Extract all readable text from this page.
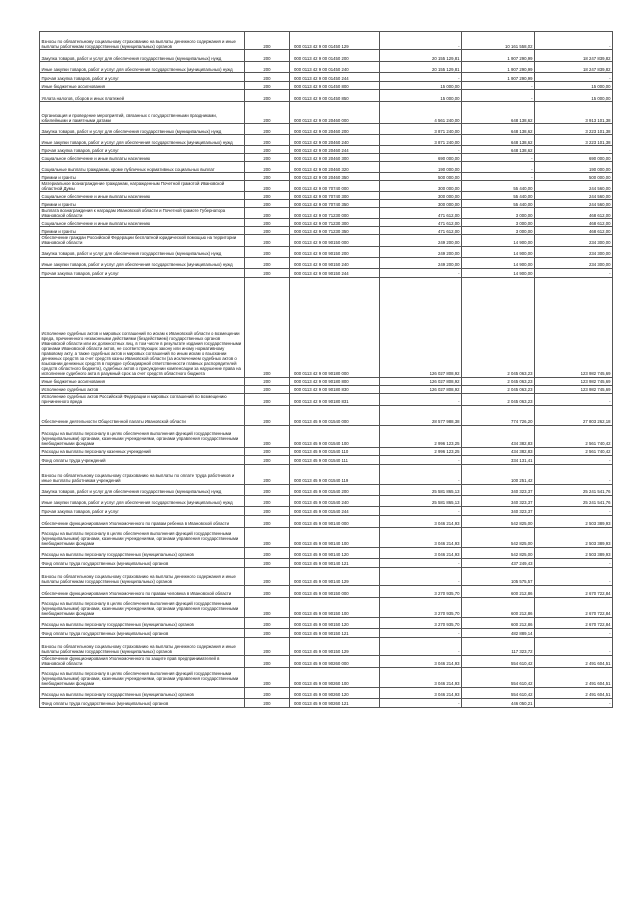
Взносы по обязательному социальному страхованию на выплаты денежного содержания и иные выплаты работникам государственных (муниципальных) органов	200	000 0113 42 9 00 01450 129	-	10 161 558,02	-
Закупка товаров, работ и услуг для обеспечения государственных (муниципальных) нужд	200	000 0113 42 9 00 01450 200	20 155 129,81	1 907 290,99	18 247 839,82
Иные закупки товаров, работ и услуг для обеспечения государственных (муниципальных) нужд	200	000 0113 42 9 00 01450 240	20 155 129,81	1 907 290,99	18 247 839,82
Прочая закупка товаров, работ и услуг	200	000 0113 42 9 00 01450 244	-	1 907 290,99	-
Иные бюджетные ассигнования	200	000 0113 42 9 00 01450 800	15 000,00	-	15 000,00
Уплата налогов, сборов и иных платежей	200	000 0113 42 9 00 01450 850	15 000,00	-	15 000,00
Организация и проведение мероприятий, связанных с государственными праздниками, юбилейными и памятными датами	200	000 0113 42 9 00 20460 000	4 561 240,00	648 138,62	3 913 101,38
Закупка товаров, работ и услуг для обеспечения государственных (муниципальных) нужд	200	000 0113 42 9 00 20460 200	3 871 240,00	648 138,62	3 223 101,38
Иные закупки товаров, работ и услуг для обеспечения государственных (муниципальных) нужд	200	000 0113 42 9 00 20460 240	3 871 240,00	648 138,62	3 223 101,38
Прочая закупка товаров, работ и услуг	200	000 0113 42 9 00 20460 244	-	648 138,62	-
Социальное обеспечение и иные выплаты населению	200	000 0113 42 9 00 20460 300	690 000,00	-	690 000,00
Социальные выплаты гражданам, кроме публичных нормативных социальных выплат	200	000 0113 42 9 00 20460 320	190 000,00	-	190 000,00
Премии и гранты	200	000 0113 42 9 00 20460 350	500 000,00	-	500 000,00
Материальное вознаграждение гражданам, награжденным Почетной грамотой Ивановской областной Думы	200	000 0113 42 9 00 70740 000	300 000,00	55 440,00	244 560,00
Социальное обеспечение и иные выплаты населению	200	000 0113 42 9 00 70740 300	300 000,00	55 440,00	244 560,00
Премии и гранты	200	000 0113 42 9 00 70740 350	300 000,00	55 440,00	244 560,00
Выплата вознаграждения к наградам Ивановской области и Почетной грамоте Губернатора Ивановской области	200	000 0113 42 9 00 71230 000	471 612,00	3 000,00	468 612,00
Социальное обеспечение и иные выплаты населению	200	000 0113 42 9 00 71230 300	471 612,00	3 000,00	468 612,00
Премии и гранты	200	000 0113 42 9 00 71230 350	471 612,00	3 000,00	468 612,00
Обеспечение граждан Российской Федерации бесплатной юридической помощью на территории Ивановской области	200	000 0113 42 9 00 90150 000	249 200,00	14 900,00	234 300,00
Закупка товаров, работ и услуг для обеспечения государственных (муниципальных) нужд	200	000 0113 42 9 00 90150 200	249 200,00	14 900,00	234 300,00
Иные закупки товаров, работ и услуг для обеспечения государственных (муниципальных) нужд	200	000 0113 42 9 00 90150 240	249 200,00	14 900,00	234 300,00
Прочая закупка товаров, работ и услуг	200	000 0113 42 9 00 90150 244	-	14 900,00	-
Исполнение судебных актов и мировых соглашений по искам к Ивановской области о возмещении вреда, причиненного незаконными действиями (бездействием) государственных органов Ивановской области или их должностных лиц, в том числе в результате издания государственными органами Ивановской области актов, не соответствующих закону или иному нормативному правовому акту, а также судебных актов и мировых соглашений по иным искам о взыскании денежных средств за счет средств казны Ивановской области (за исключением судебных актов о взыскании денежных средств в порядке субсидиарной ответственности главных распорядителей средств областного бюджета), судебных актов о присуждении компенсации за нарушение права на исполнение судебного акта в разумный срок за счет средств областного бюджета	200	000 0113 42 9 00 90180 000	126 027 808,92	2 045 063,23	123 982 745,69
Иные бюджетные ассигнования	200	000 0113 42 9 00 90180 800	126 027 808,92	2 045 063,23	123 982 745,69
Исполнение судебных актов	200	000 0113 42 9 00 90180 830	126 027 808,92	2 045 063,23	123 982 745,69
Исполнение судебных актов Российской Федерации и мировых соглашений по возмещению причиненного вреда	200	000 0113 42 9 00 90180 831	-	2 045 063,23	-
Обеспечение деятельности Общественной палаты Ивановской области	200	000 0113 45 9 00 01540 000	28 577 988,38	774 726,20	27 803 262,18
Расходы на выплаты персоналу в целях обеспечения выполнения функций государственными (муниципальными) органами, казенными учреждениями, органами управления государственными внебюджетными фондами	200	000 0113 45 9 00 01540 100	2 996 123,25	434 382,83	2 561 740,42
Расходы на выплаты персоналу казенных учреждений	200	000 0113 45 9 00 01540 110	2 996 123,25	434 382,83	2 561 740,42
Фонд оплаты труда учреждений	200	000 0113 45 9 00 01540 111	-	334 131,41	-
Взносы по обязательному социальному страхованию на выплаты по оплате труда работников и иные выплаты работникам учреждений	200	000 0113 45 9 00 01540 119	-	100 251,42	-
Закупка товаров, работ и услуг для обеспечения государственных (муниципальных) нужд	200	000 0113 45 9 00 01540 200	25 581 865,13	340 323,37	25 241 541,76
Иные закупки товаров, работ и услуг для обеспечения государственных (муниципальных) нужд	200	000 0113 45 9 00 01540 240	25 581 865,13	340 323,37	25 241 541,76
Прочая закупка товаров, работ и услуг	200	000 0113 45 9 00 01540 244	-	340 323,37	-
Обеспечение функционирования Уполномоченного по правам ребенка в Ивановской области	200	000 0113 45 9 00 90140 000	3 046 214,93	542 825,00	2 503 389,93
Расходы на выплаты персоналу в целях обеспечения выполнения функций государственными (муниципальными) органами, казенными учреждениями, органами управления государственными внебюджетными фондами	200	000 0113 45 9 00 90140 100	3 046 214,93	542 825,00	2 503 389,93
Расходы на выплаты персоналу государственных (муниципальных) органов	200	000 0113 45 9 00 90140 120	3 046 214,93	542 825,00	2 503 389,93
Фонд оплаты труда государственных (муниципальных) органов	200	000 0113 45 9 00 90140 121	-	437 249,43	-
Взносы по обязательному социальному страхованию на выплаты денежного содержания и иные выплаты работникам государственных (муниципальных) органов	200	000 0113 45 9 00 90140 129	-	105 575,57	-
Обеспечение функционирования Уполномоченного по правам человека в Ивановской области	200	000 0113 45 9 00 90150 000	3 270 935,70	600 212,86	2 670 722,84
Расходы на выплаты персоналу в целях обеспечения выполнения функций государственными (муниципальными) органами, казенными учреждениями, органами управления государственными внебюджетными фондами	200	000 0113 45 9 00 90150 100	3 270 935,70	600 212,86	2 670 722,84
Расходы на выплаты персоналу государственных (муниципальных) органов	200	000 0113 45 9 00 90150 120	3 270 935,70	600 212,86	2 670 722,84
Фонд оплаты труда государственных (муниципальных) органов	200	000 0113 45 9 00 90150 121	-	482 889,14	-
Взносы по обязательному социальному страхованию на выплаты денежного содержания и иные выплаты работникам государственных (муниципальных) органов	200	000 0113 45 9 00 90150 129	-	117 323,72	-
Обеспечение функционирования Уполномоченного по защите прав предпринимателей в Ивановской области	200	000 0113 45 9 00 90260 000	3 046 214,93	554 610,42	2 491 604,51
Расходы на выплаты персоналу в целях обеспечения выполнения функций государственными (муниципальными) органами, казенными учреждениями, органами управления государственными внебюджетными фондами	200	000 0113 45 9 00 90260 100	3 046 214,93	554 610,42	2 491 604,51
Расходы на выплаты персоналу государственных (муниципальных) органов	200	000 0113 45 9 00 90260 120	3 046 214,93	554 610,42	2 491 604,51
Фонд оплаты труда государственных (муниципальных) органов	200	000 0113 45 9 00 90260 121	-	446 050,21	-
